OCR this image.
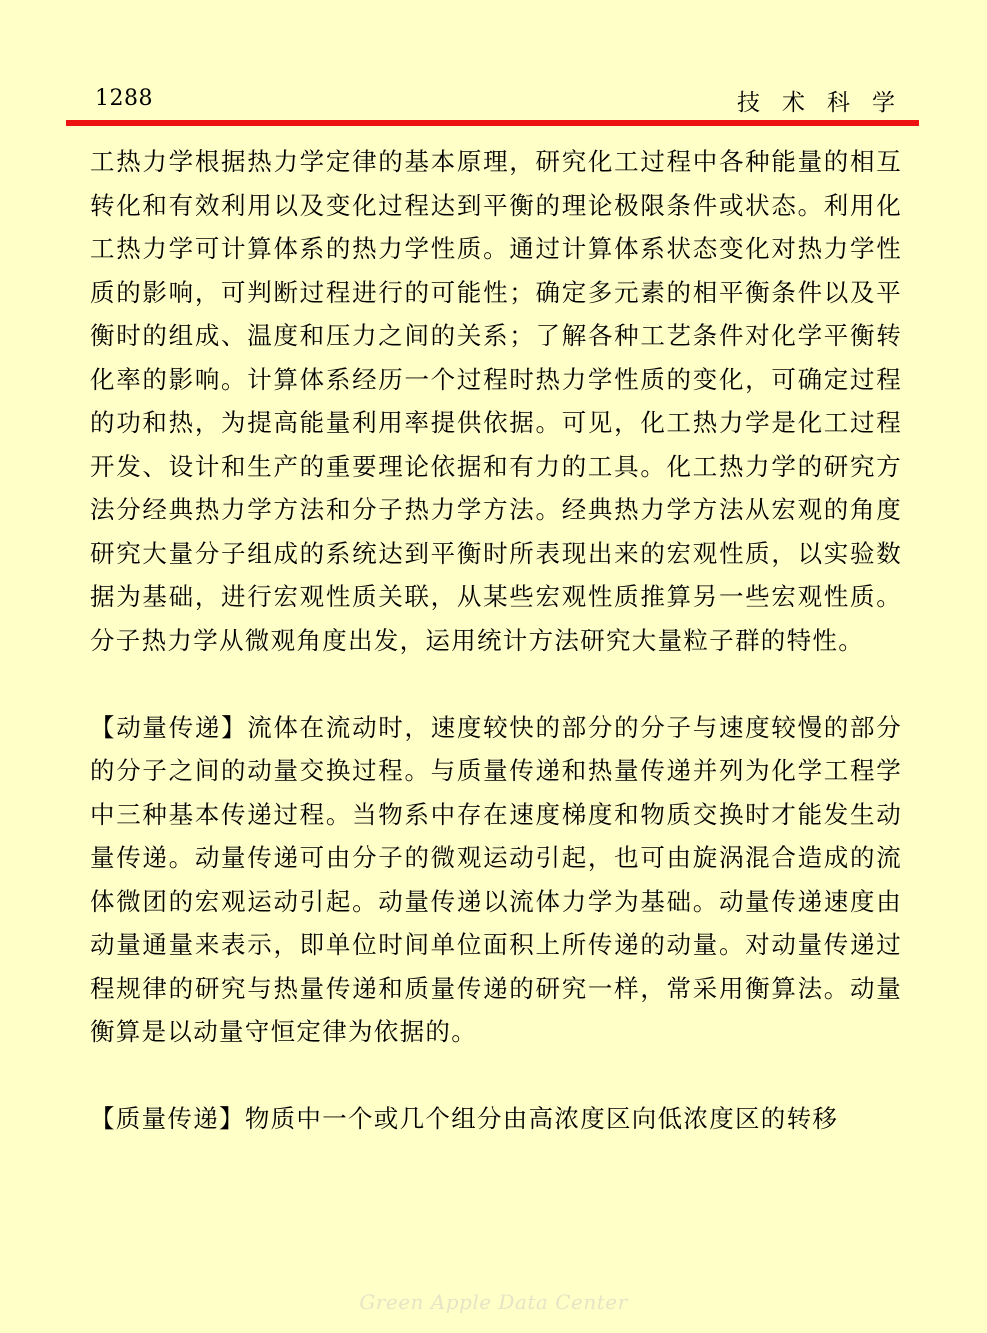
1288	技术科学

工热力学根据热力学定律的基本原理，研究化工过程中各种能量的相互转化和有效利用以及变化过程达到平衡的理论极限条件或状态。利用化工热力学可计算体系的热力学性质。通过计算体系状态变化对热力学性质的影响，可判断过程进行的可能性；确定多元素的相平衡条件以及平衡时的组成、温度和压力之间的关系；了解各种工艺条件对化学平衡转化率的影响。计算体系经历一个过程时热力学性质的变化，可确定过程的功和热，为提高能量利用率提供依据。可见，化工热力学是化工过程开发、设计和生产的重要理论依据和有力的工具。化工热力学的研究方法分经典热力学方法和分子热力学方法。经典热力学方法从宏观的角度研究大量分子组成的系统达到平衡时所表现出来的宏观性质，以实验数据为基础，进行宏观性质关联，从某些宏观性质推算另一些宏观性质。分子热力学从微观角度出发，运用统计方法研究大量粒子群的特性。

【动量传递】流体在流动时，速度较快的部分的分子与速度较慢的部分的分子之间的动量交换过程。与质量传递和热量传递并列为化学工程学中三种基本传递过程。当物系中存在速度梯度和物质交换时才能发生动量传递。动量传递可由分子的微观运动引起，也可由旋涡混合造成的流体微团的宏观运动引起。动量传递以流体力学为基础。动量传递速度由动量通量来表示，即单位时间单位面积上所传递的动量。对动量传递过程规律的研究与热量传递和质量传递的研究一样，常采用衡算法。动量衡算是以动量守恒定律为依据的。

【质量传递】物质中一个或几个组分由高浓度区向低浓度区的转移

Green Apple Data Center
